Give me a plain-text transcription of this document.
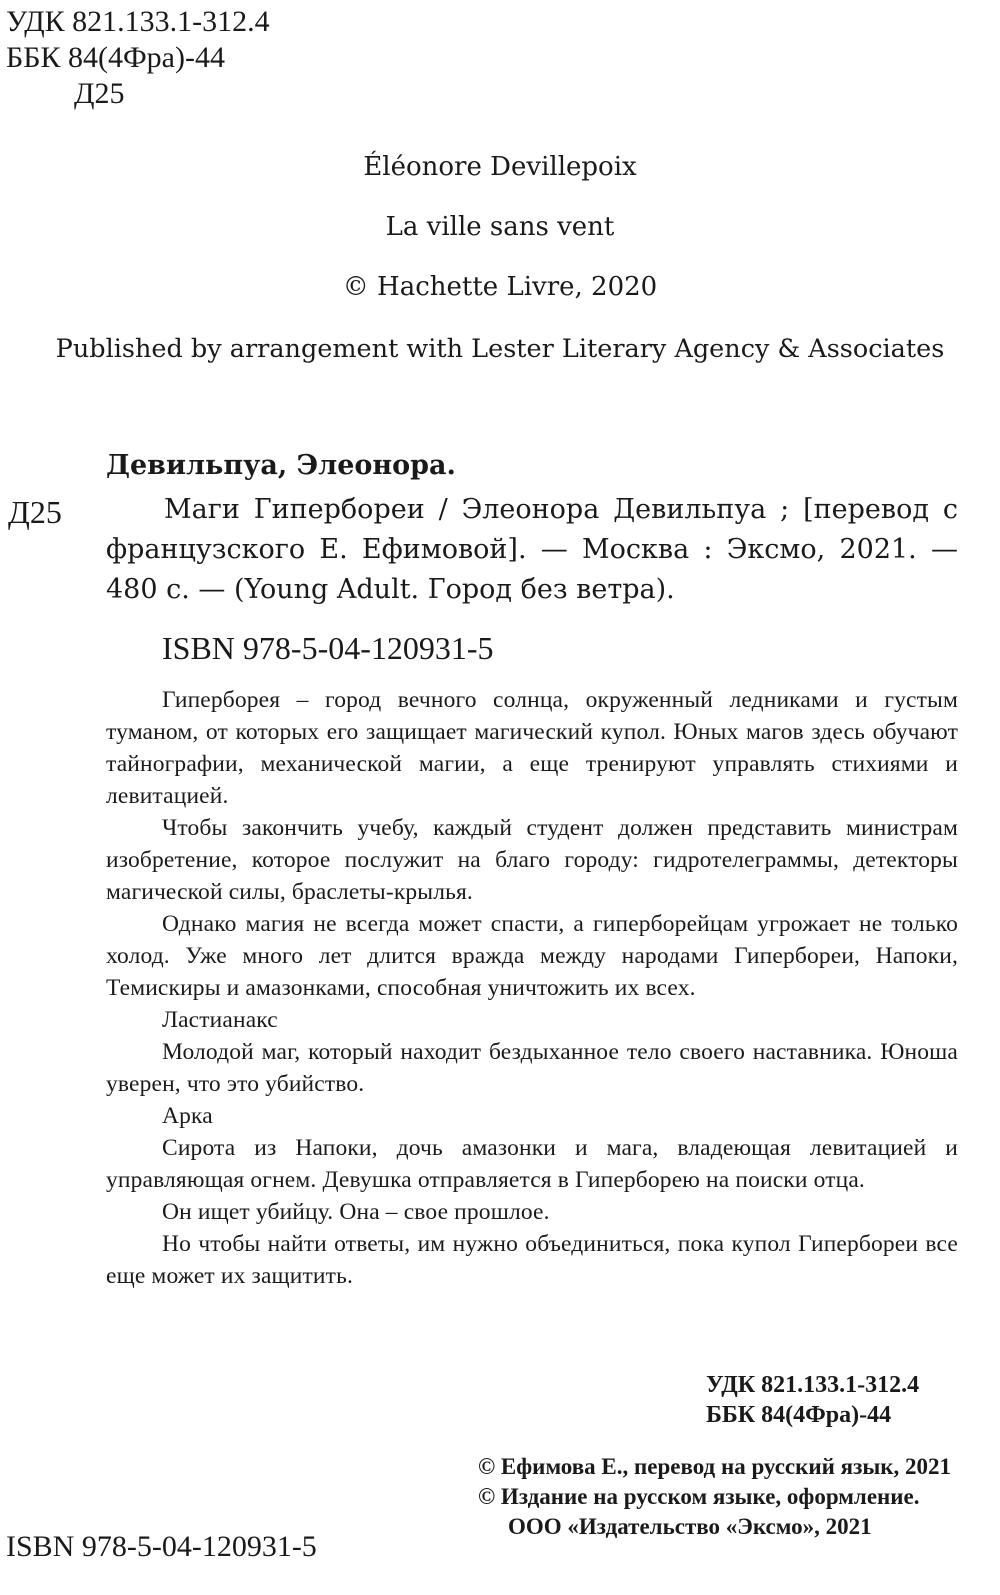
УДК 821.133.1-312.4
ББК 84(4Фра)-44
Д25
Éléonore Devillepoix
La ville sans vent
© Hachette Livre, 2020
Published by arrangement with Lester Literary Agency & Associates
Девильпуа, Элеонора.
Д25	Маги Гипербореи / Элеонора Девильпуа ; [перевод с
французского Е. Ефимовой]. — Москва : Эксмо, 2021. —
480 с. — (Young Adult. Город без ветра).
ISBN 978-5-04-120931-5

Гиперборея – город вечного солнца, окруженный ледниками и густым туманом, от которых его защищает магический купол. Юных магов здесь обучают тайнографии, механической магии, а еще тренируют управлять стихиями и левитацией.

Чтобы закончить учебу, каждый студент должен представить министрам изобретение, которое послужит на благо городу: гидротелеграммы, детекторы магической силы, браслеты-крылья.

Однако магия не всегда может спасти, а гиперборейцам угрожает не только холод. Уже много лет длится вражда между народами Гипербореи, Напоки, Темискиры и амазонками, способная уничтожить их всех.

Ластианакс

Молодой маг, который находит бездыханное тело своего наставника. Юноша уверен, что это убийство.

Арка

Сирота из Напоки, дочь амазонки и мага, владеющая левитацией и управляющая огнем. Девушка отправляется в Гиперборею на поиски отца.

Он ищет убийцу. Она – свое прошлое.

Но чтобы найти ответы, им нужно объединиться, пока купол Гипербореи все еще может их защитить.

УДК 821.133.1-312.4
ББК 84(4Фра)-44
© Ефимова Е., перевод на русский язык, 2021
© Издание на русском языке, оформление. ООО «Издательство «Эксмо», 2021
ISBN 978-5-04-120931-5
